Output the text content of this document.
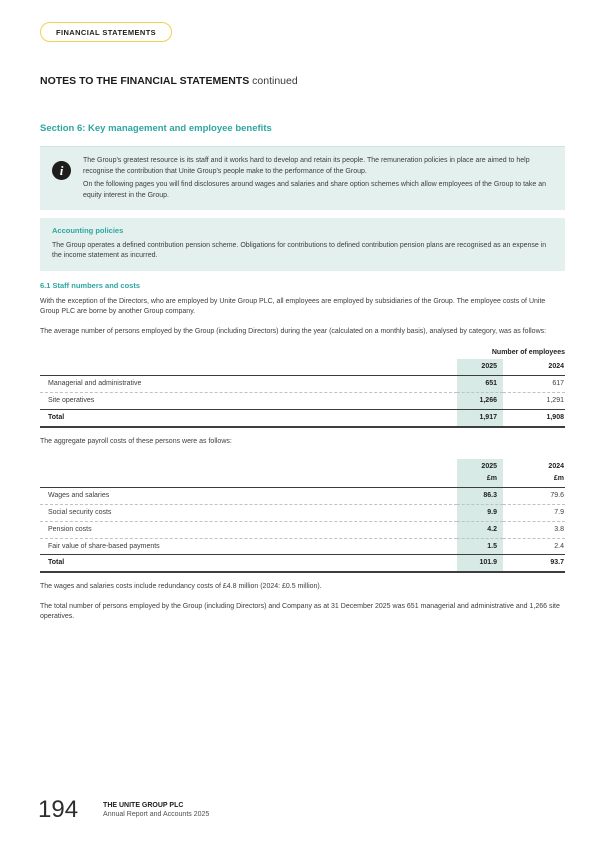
FINANCIAL STATEMENTS
NOTES TO THE FINANCIAL STATEMENTS continued
Section 6: Key management and employee benefits
i

The Group's greatest resource is its staff and it works hard to develop and retain its people. The remuneration policies in place are aimed to help recognise the contribution that Unite Group's people make to the performance of the Group.

On the following pages you will find disclosures around wages and salaries and share option schemes which allow employees of the Group to take an equity interest in the Group.

Accounting policies
The Group operates a defined contribution pension scheme. Obligations for contributions to defined contribution pension plans are recognised as an expense in the income statement as incurred.
6.1 Staff numbers and costs

With the exception of the Directors, who are employed by Unite Group PLC, all employees are employed by subsidiaries of the Group. The employee costs of Unite Group PLC are borne by another Group company.

The average number of persons employed by the Group (including Directors) during the year (calculated on a monthly basis), analysed by category, was as follows:

Number of employees
	2025	2024
Managerial and administrative	651	617
Site operatives	1,266	1,291
Total	1,917	1,908

The aggregate payroll costs of these persons were as follows:

	2025	2024
	£m	£m
Wages and salaries	86.3	79.6
Social security costs	9.9	7.9
Pension costs	4.2	3.8
Fair value of share-based payments	1.5	2.4
Total	101.9	93.7

The wages and salaries costs include redundancy costs of £4.8 million (2024: £0.5 million).

The total number of persons employed by the Group (including Directors) and Company as at 31 December 2025 was 651 managerial and administrative and 1,266 site operatives.

194	THE UNITE GROUP PLC
Annual Report and Accounts 2025
